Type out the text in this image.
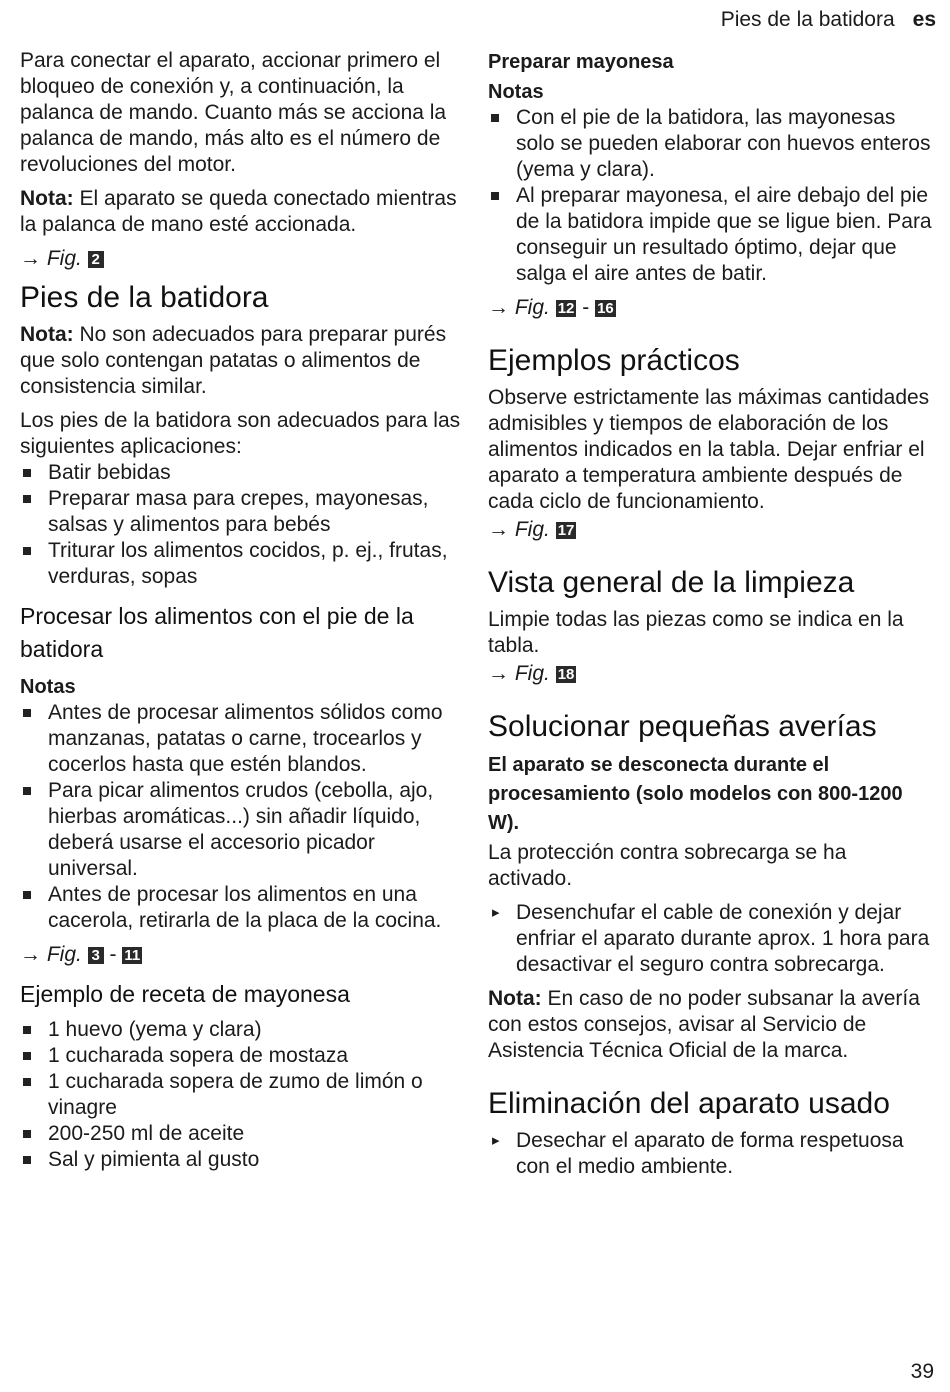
Pies de la batidora es

Para conectar el aparato, accionar primero el bloqueo de conexión y, a continuación, la palanca de mando. Cuanto más se acciona la palanca de mando, más alto es el número de revoluciones del motor.

Nota: El aparato se queda conectado mientras la palanca de mano esté accionada.

→ Fig. 2
Pies de la batidora

Nota: No son adecuados para preparar purés que solo contengan patatas o alimentos de consistencia similar.

Los pies de la batidora son adecuados para las siguientes aplicaciones:

Batir bebidas
Preparar masa para crepes, mayonesas, salsas y alimentos para bebés
Triturar los alimentos cocidos, p. ej., frutas, verduras, sopas
Procesar los alimentos con el pie de la batidora
Notas
Antes de procesar alimentos sólidos como manzanas, patatas o carne, trocearlos y cocerlos hasta que estén blandos.
Para picar alimentos crudos (cebolla, ajo, hierbas aromáticas...) sin añadir líquido, deberá usarse el accesorio picador universal.
Antes de procesar los alimentos en una cacerola, retirarla de la placa de la cocina.
→ Fig. 3 - 11
Ejemplo de receta de mayonesa
1 huevo (yema y clara)
1 cucharada sopera de mostaza
1 cucharada sopera de zumo de limón o vinagre
200-250 ml de aceite
Sal y pimienta al gusto
Preparar mayonesa
Notas
Con el pie de la batidora, las mayonesas solo se pueden elaborar con huevos enteros (yema y clara).
Al preparar mayonesa, el aire debajo del pie de la batidora impide que se ligue bien. Para conseguir un resultado óptimo, dejar que salga el aire antes de batir.
→ Fig. 12 - 16
Ejemplos prácticos

Observe estrictamente las máximas cantidades admisibles y tiempos de elaboración de los alimentos indicados en la tabla. Dejar enfriar el aparato a temperatura ambiente después de cada ciclo de funcionamiento.

→ Fig. 17
Vista general de la limpieza

Limpie todas las piezas como se indica en la tabla.

→ Fig. 18
Solucionar pequeñas averías
El aparato se desconecta durante el procesamiento (solo modelos con 800-1200 W).

La protección contra sobrecarga se ha activado.

▸ Desenchufar el cable de conexión y dejar enfriar el aparato durante aprox. 1 hora para desactivar el seguro contra sobrecarga.

Nota: En caso de no poder subsanar la avería con estos consejos, avisar al Servicio de Asistencia Técnica Oficial de la marca.

Eliminación del aparato usado
▸ Desechar el aparato de forma respetuosa con el medio ambiente.
39
